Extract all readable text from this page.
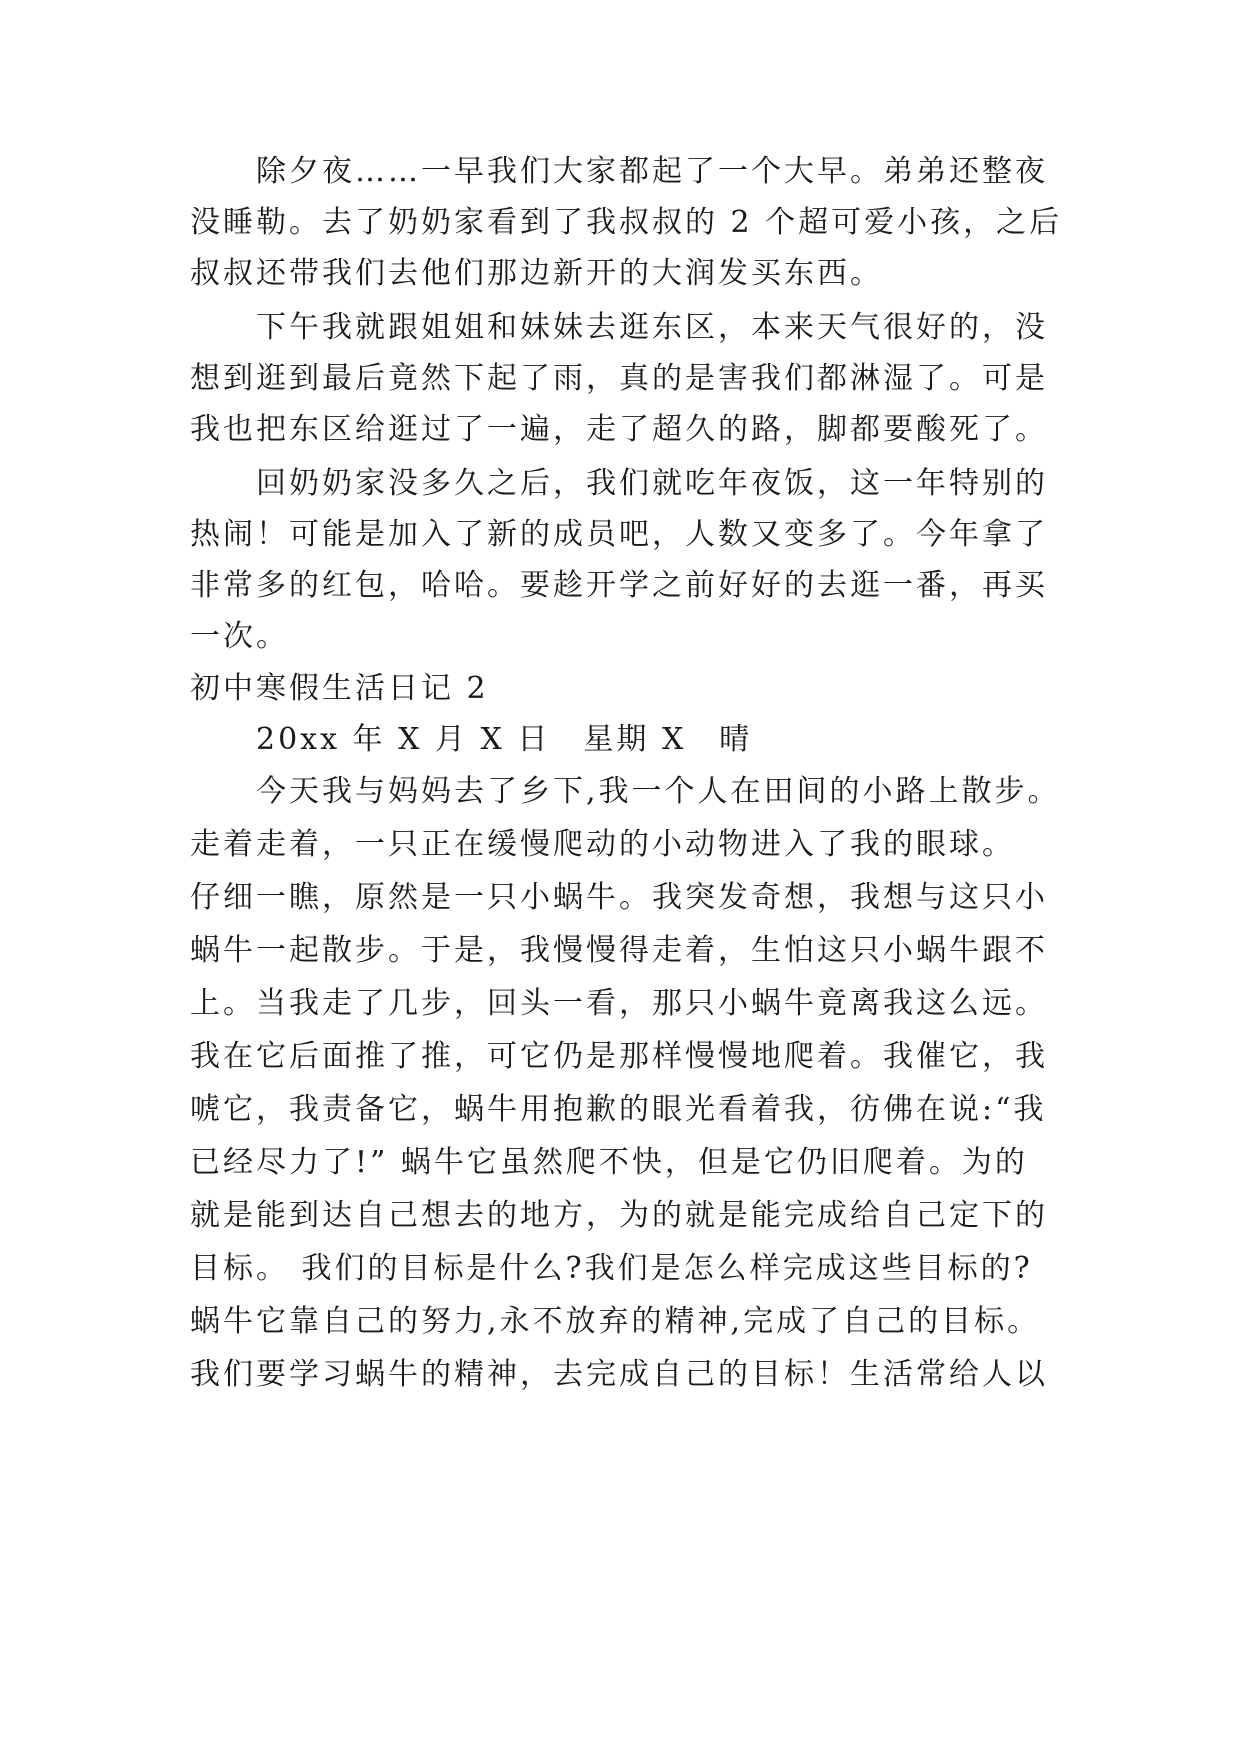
除夕夜……一早我们大家都起了一个大早。弟弟还整夜
没睡勒。去了奶奶家看到了我叔叔的 2 个超可爱小孩，之后
叔叔还带我们去他们那边新开的大润发买东西。
下午我就跟姐姐和妹妹去逛东区，本来天气很好的，没
想到逛到最后竟然下起了雨，真的是害我们都淋湿了。可是
我也把东区给逛过了一遍，走了超久的路，脚都要酸死了。
回奶奶家没多久之后，我们就吃年夜饭，这一年特别的
热闹！可能是加入了新的成员吧，人数又变多了。今年拿了
非常多的红包，哈哈。要趁开学之前好好的去逛一番，再买
一次。
初中寒假生活日记 2
20xx 年 X 月 X 日　星期 X　晴
今天我与妈妈去了乡下,我一个人在田间的小路上散步。
走着走着，一只正在缓慢爬动的小动物进入了我的眼球。
仔细一瞧，原然是一只小蜗牛。我突发奇想，我想与这只小
蜗牛一起散步。于是，我慢慢得走着，生怕这只小蜗牛跟不
上。当我走了几步，回头一看，那只小蜗牛竟离我这么远。
我在它后面推了推，可它仍是那样慢慢地爬着。我催它，我
唬它，我责备它，蜗牛用抱歉的眼光看着我，彷佛在说:“我
已经尽力了!” 蜗牛它虽然爬不快，但是它仍旧爬着。为的
就是能到达自己想去的地方，为的就是能完成给自己定下的
目标。 我们的目标是什么?我们是怎么样完成这些目标的?
蜗牛它靠自己的努力,永不放弃的精神,完成了自己的目标。
我们要学习蜗牛的精神，去完成自己的目标！生活常给人以
